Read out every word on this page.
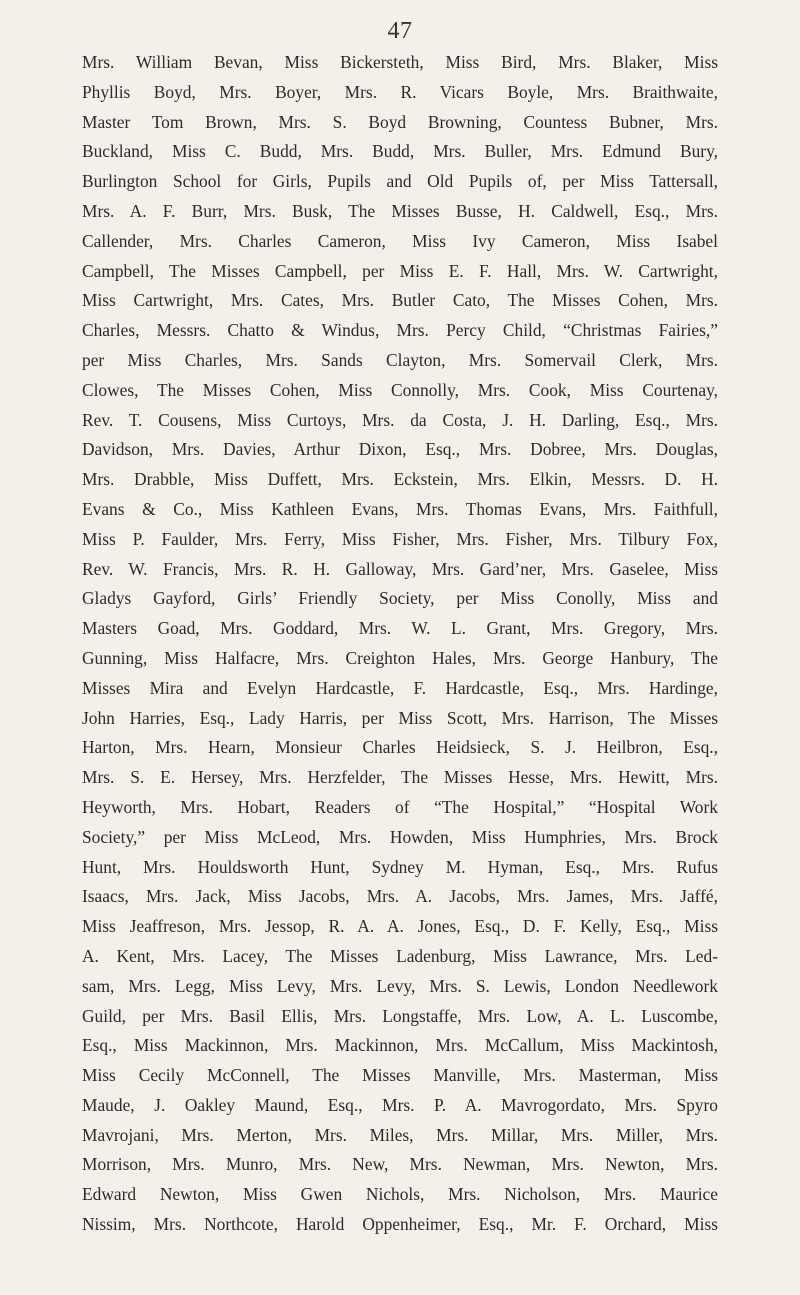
47
Mrs. William Bevan, Miss Bickersteth, Miss Bird, Mrs. Blaker, Miss
Phyllis Boyd, Mrs. Boyer, Mrs. R. Vicars Boyle, Mrs. Braithwaite,
Master Tom Brown, Mrs. S. Boyd Browning, Countess Bubner, Mrs.
Buckland, Miss C. Budd, Mrs. Budd, Mrs. Buller, Mrs. Edmund Bury,
Burlington School for Girls, Pupils and Old Pupils of, per Miss Tattersall,
Mrs. A. F. Burr, Mrs. Busk, The Misses Busse, H. Caldwell, Esq., Mrs.
Callender, Mrs. Charles Cameron, Miss Ivy Cameron, Miss Isabel
Campbell, The Misses Campbell, per Miss E. F. Hall, Mrs. W. Cartwright,
Miss Cartwright, Mrs. Cates, Mrs. Butler Cato, The Misses Cohen, Mrs.
Charles, Messrs. Chatto & Windus, Mrs. Percy Child, “Christmas Fairies,”
per Miss Charles, Mrs. Sands Clayton, Mrs. Somervail Clerk, Mrs.
Clowes, The Misses Cohen, Miss Connolly, Mrs. Cook, Miss Courtenay,
Rev. T. Cousens, Miss Curtoys, Mrs. da Costa, J. H. Darling, Esq., Mrs.
Davidson, Mrs. Davies, Arthur Dixon, Esq., Mrs. Dobree, Mrs. Douglas,
Mrs. Drabble, Miss Duffett, Mrs. Eckstein, Mrs. Elkin, Messrs. D. H.
Evans & Co., Miss Kathleen Evans, Mrs. Thomas Evans, Mrs. Faithfull,
Miss P. Faulder, Mrs. Ferry, Miss Fisher, Mrs. Fisher, Mrs. Tilbury Fox,
Rev. W. Francis, Mrs. R. H. Galloway, Mrs. Gard’ner, Mrs. Gaselee, Miss
Gladys Gayford, Girls’ Friendly Society, per Miss Conolly, Miss and
Masters Goad, Mrs. Goddard, Mrs. W. L. Grant, Mrs. Gregory, Mrs.
Gunning, Miss Halfacre, Mrs. Creighton Hales, Mrs. George Hanbury, The
Misses Mira and Evelyn Hardcastle, F. Hardcastle, Esq., Mrs. Hardinge,
John Harries, Esq., Lady Harris, per Miss Scott, Mrs. Harrison, The Misses
Harton, Mrs. Hearn, Monsieur Charles Heidsieck, S. J. Heilbron, Esq.,
Mrs. S. E. Hersey, Mrs. Herzfelder, The Misses Hesse, Mrs. Hewitt, Mrs.
Heyworth, Mrs. Hobart, Readers of “The Hospital,” “Hospital Work
Society,” per Miss McLeod, Mrs. Howden, Miss Humphries, Mrs. Brock
Hunt, Mrs. Houldsworth Hunt, Sydney M. Hyman, Esq., Mrs. Rufus
Isaacs, Mrs. Jack, Miss Jacobs, Mrs. A. Jacobs, Mrs. James, Mrs. Jaffé,
Miss Jeaffreson, Mrs. Jessop, R. A. A. Jones, Esq., D. F. Kelly, Esq., Miss
A. Kent, Mrs. Lacey, The Misses Ladenburg, Miss Lawrance, Mrs. Led-
sam, Mrs. Legg, Miss Levy, Mrs. Levy, Mrs. S. Lewis, London Needlework
Guild, per Mrs. Basil Ellis, Mrs. Longstaffe, Mrs. Low, A. L. Luscombe,
Esq., Miss Mackinnon, Mrs. Mackinnon, Mrs. McCallum, Miss Mackintosh,
Miss Cecily McConnell, The Misses Manville, Mrs. Masterman, Miss
Maude, J. Oakley Maund, Esq., Mrs. P. A. Mavrogordato, Mrs. Spyro
Mavrojani, Mrs. Merton, Mrs. Miles, Mrs. Millar, Mrs. Miller, Mrs.
Morrison, Mrs. Munro, Mrs. New, Mrs. Newman, Mrs. Newton, Mrs.
Edward Newton, Miss Gwen Nichols, Mrs. Nicholson, Mrs. Maurice
Nissim, Mrs. Northcote, Harold Oppenheimer, Esq., Mr. F. Orchard, Miss
